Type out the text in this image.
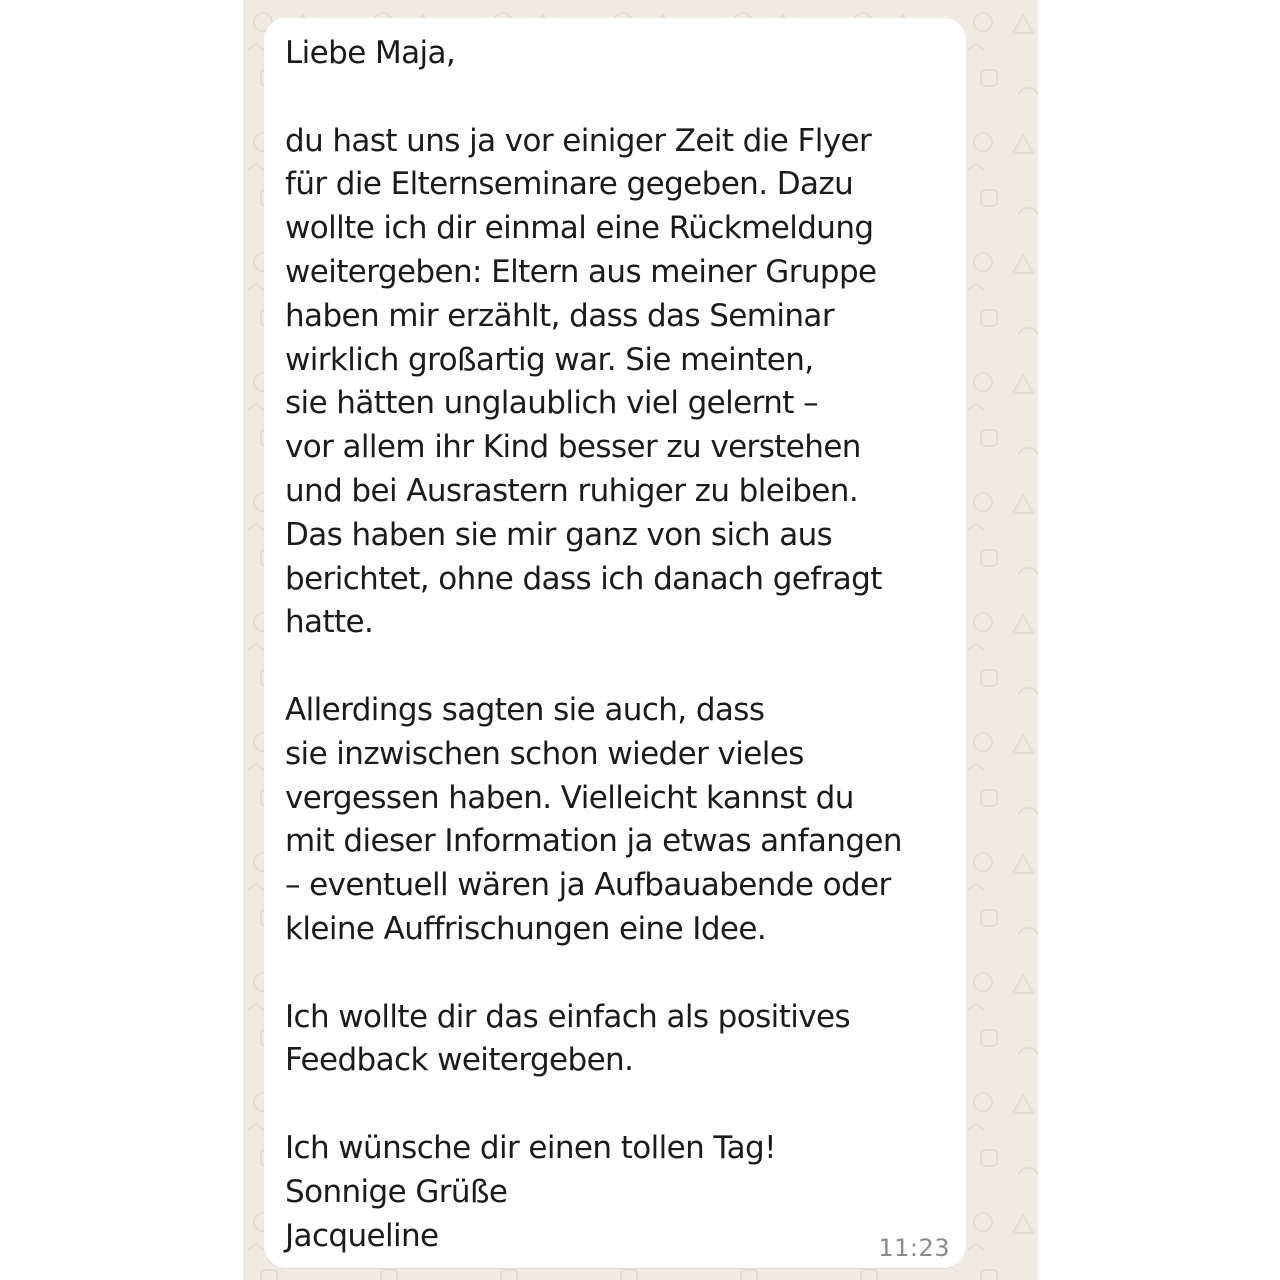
Liebe Maja,

du hast uns ja vor einiger Zeit die Flyer
für die Elternseminare gegeben. Dazu
wollte ich dir einmal eine Rückmeldung
weitergeben: Eltern aus meiner Gruppe
haben mir erzählt, dass das Seminar
wirklich großartig war. Sie meinten,
sie hätten unglaublich viel gelernt –
vor allem ihr Kind besser zu verstehen
und bei Ausrastern ruhiger zu bleiben.
Das haben sie mir ganz von sich aus
berichtet, ohne dass ich danach gefragt
hatte.

Allerdings sagten sie auch, dass
sie inzwischen schon wieder vieles
vergessen haben. Vielleicht kannst du
mit dieser Information ja etwas anfangen
– eventuell wären ja Aufbauabende oder
kleine Auffrischungen eine Idee.

Ich wollte dir das einfach als positives
Feedback weitergeben.

Ich wünsche dir einen tollen Tag!
Sonnige Grüße
Jacqueline	11:23
